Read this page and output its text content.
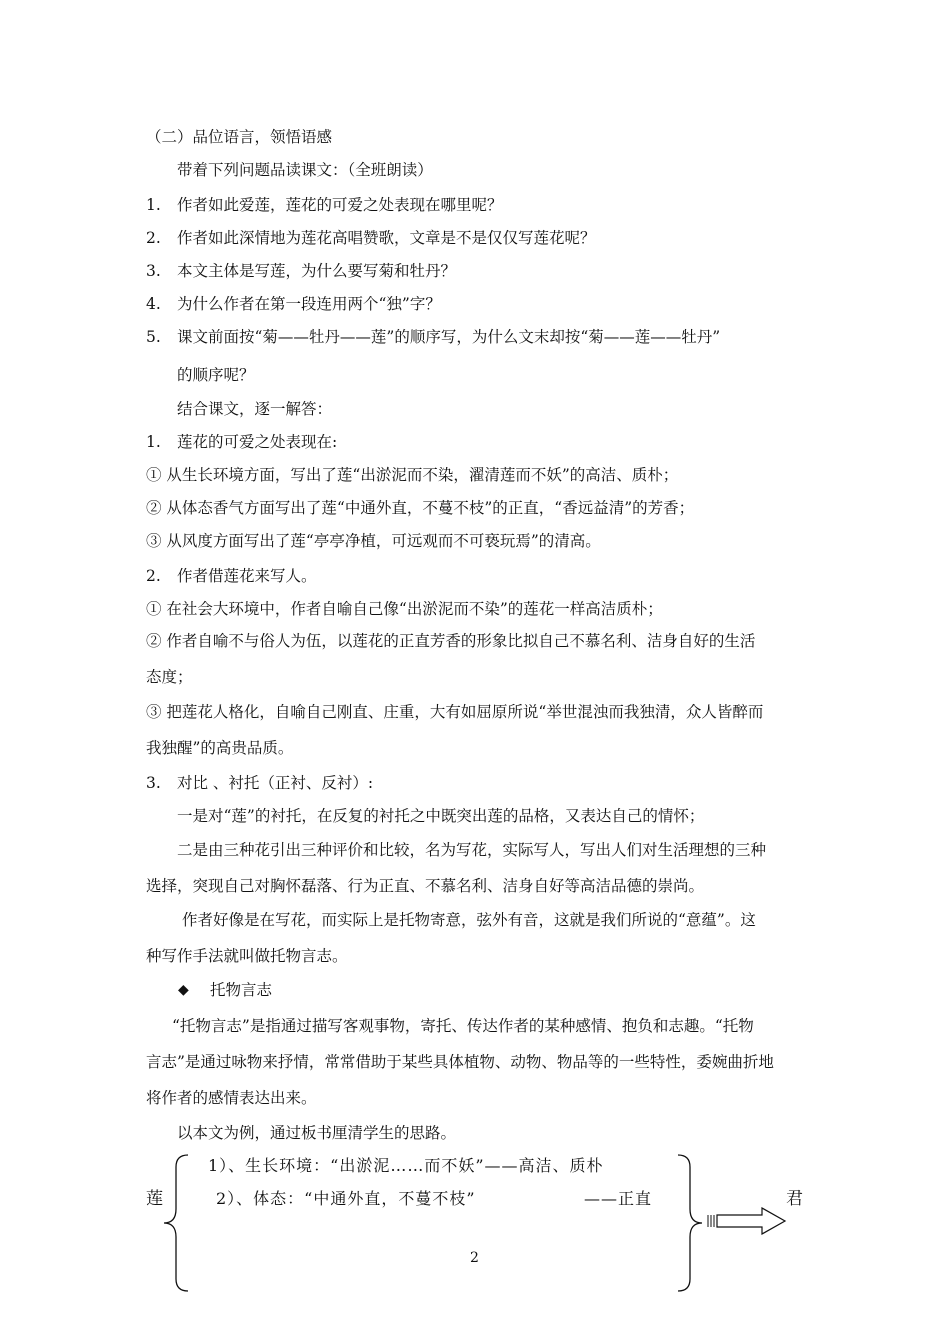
（二）品位语言，领悟语感
带着下列问题品读课文：（全班朗读）
1. 作者如此爱莲，莲花的可爱之处表现在哪里呢？
2. 作者如此深情地为莲花高唱赞歌，文章是不是仅仅写莲花呢？
3. 本文主体是写莲，为什么要写菊和牡丹？
4. 为什么作者在第一段连用两个“独”字？
5. 课文前面按“菊——牡丹——莲”的顺序写，为什么文末却按“菊——莲——牡丹”
的顺序呢？
结合课文，逐一解答：
1. 莲花的可爱之处表现在:
① 从生长环境方面，写出了莲“出淤泥而不染，濯清莲而不妖”的高洁、质朴；
② 从体态香气方面写出了莲“中通外直，不蔓不枝”的正直，“香远益清”的芳香；
③ 从风度方面写出了莲“亭亭净植，可远观而不可亵玩焉”的清高。
2. 作者借莲花来写人。
① 在社会大环境中，作者自喻自己像“出淤泥而不染”的莲花一样高洁质朴；
② 作者自喻不与俗人为伍，以莲花的正直芳香的形象比拟自己不慕名利、洁身自好的生活
态度；
③ 把莲花人格化，自喻自己刚直、庄重，大有如屈原所说“举世混浊而我独清，众人皆醉而
我独醒”的高贵品质。
3. 对比 、衬托（正衬、反衬）:
一是对“莲”的衬托，在反复的衬托之中既突出莲的品格，又表达自己的情怀；
二是由三种花引出三种评价和比较，名为写花，实际写人，写出人们对生活理想的三种
选择，突现自己对胸怀磊落、行为正直、不慕名利、洁身自好等高洁品德的崇尚。
作者好像是在写花，而实际上是托物寄意，弦外有音，这就是我们所说的“意蕴”。这
种写作手法就叫做托物言志。
◆ 托物言志
“托物言志”是指通过描写客观事物，寄托、传达作者的某种感情、抱负和志趣。“托物
言志”是通过咏物来抒情，常常借助于某些具体植物、动物、物品等的一些特性，委婉曲折地
将作者的感情表达出来。
以本文为例，通过板书厘清学生的思路。
莲
1）、生长环境：“出淤泥……而不妖”——高洁、质朴
2）、体态：“中通外直，不蔓不枝”	——正直	君
2
